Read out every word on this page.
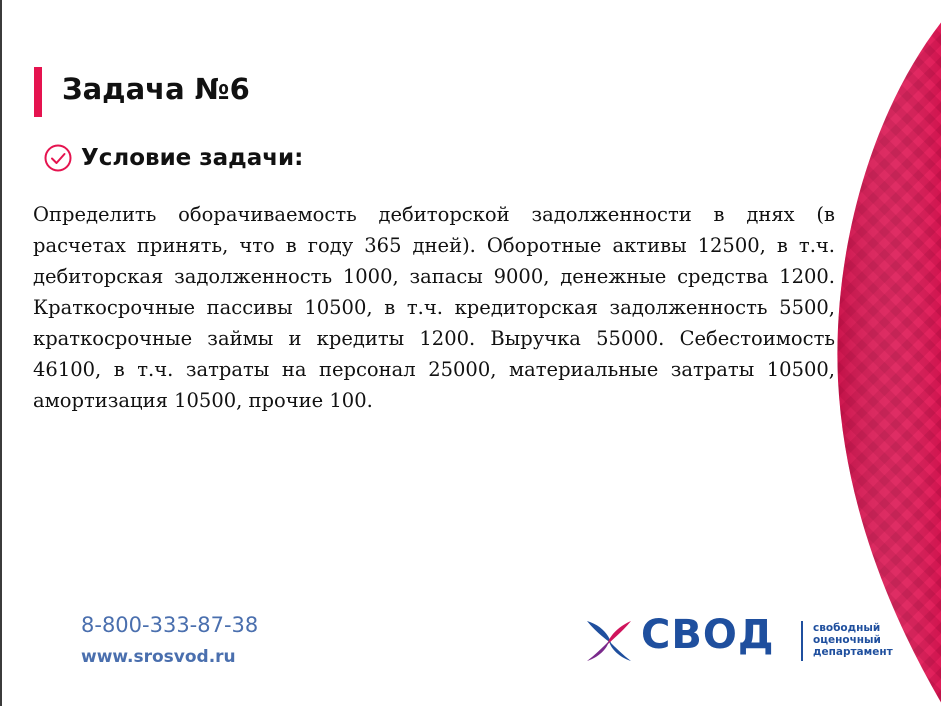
Задача №6
Условие задачи:

Определить оборачиваемость дебиторской задолженности в днях (в расчетах принять, что в году 365 дней). Оборотные активы 12500, в т.ч. дебиторская задолженность 1000, запасы 9000, денежные средства 1200. Краткосрочные пассивы 10500, в т.ч. кредиторская задолженность 5500, краткосрочные займы и кредиты 1200. Выручка 55000. Себестоимость 46100, в т.ч. затраты на персонал 25000, материальные затраты 10500, амортизация 10500, прочие 100.

8-800-333-87-38
www.srosvod.ru	СВОД	свободный
оценочный
департамент
